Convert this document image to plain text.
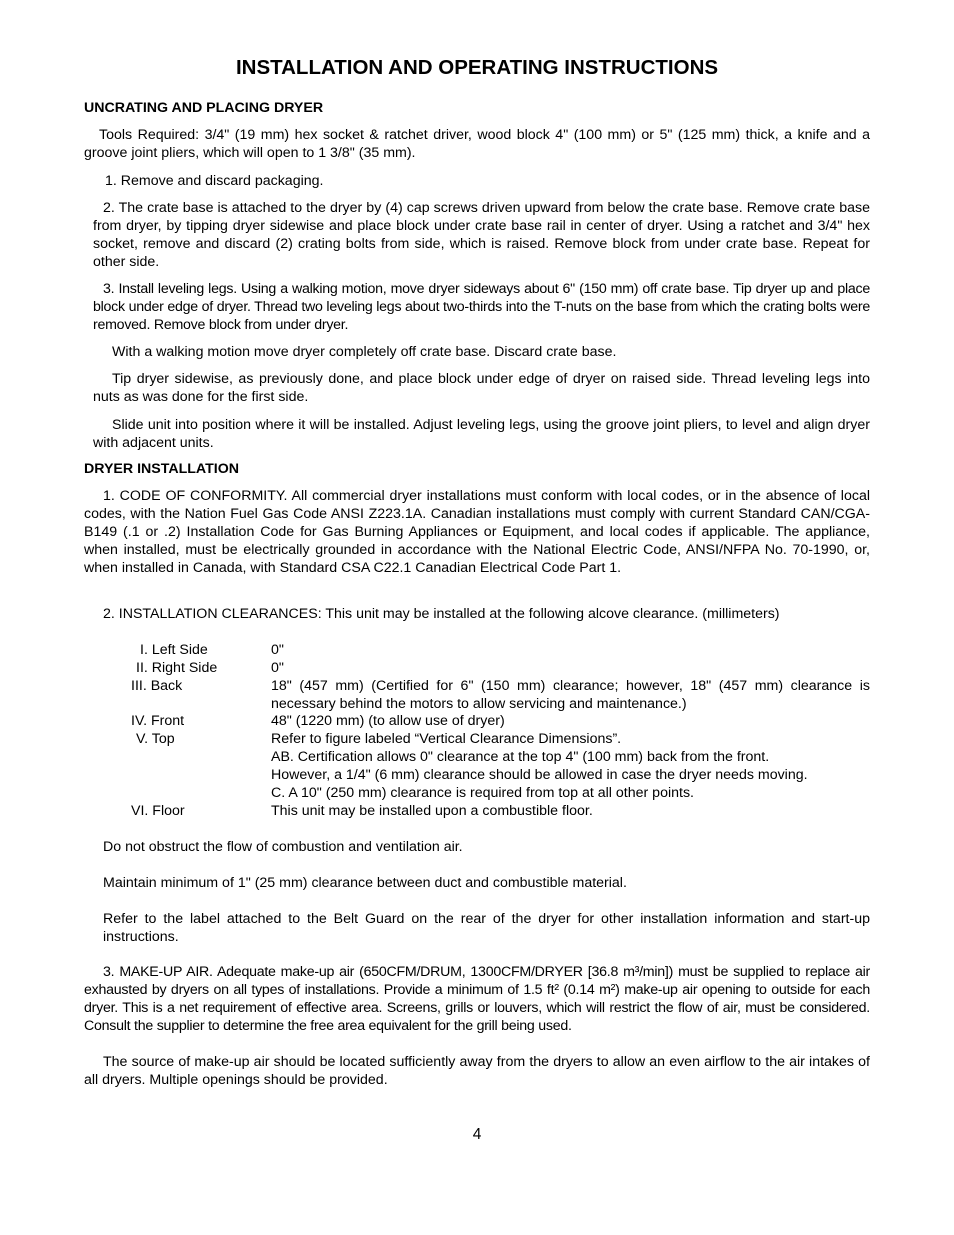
INSTALLATION AND OPERATING INSTRUCTIONS
UNCRATING AND PLACING DRYER
Tools Required: 3/4" (19 mm) hex socket & ratchet driver, wood block 4" (100 mm) or 5" (125 mm) thick, a knife and a groove joint pliers, which will open to 1 3/8" (35 mm).
1. Remove and discard packaging.
2. The crate base is attached to the dryer by (4) cap screws driven upward from below the crate base. Remove crate base from dryer, by tipping dryer sidewise and place block under crate base rail in center of dryer. Using a ratchet and 3/4" hex socket, remove and discard (2) crating bolts from side, which is raised. Remove block from under crate base. Repeat for other side.
3. Install leveling legs. Using a walking motion, move dryer sideways about 6" (150 mm) off crate base. Tip dryer up and place block under edge of dryer. Thread two leveling legs about two-thirds into the T-nuts on the base from which the crating bolts were removed. Remove block from under dryer.
With a walking motion move dryer completely off crate base. Discard crate base.
Tip dryer sidewise, as previously done, and place block under edge of dryer on raised side. Thread leveling legs into nuts as was done for the first side.
Slide unit into position where it will be installed. Adjust leveling legs, using the groove joint pliers, to level and align dryer with adjacent units.
DRYER INSTALLATION
1. CODE OF CONFORMITY. All commercial dryer installations must conform with local codes, or in the absence of local codes, with the Nation Fuel Gas Code ANSI Z223.1A. Canadian installations must comply with current Standard CAN/CGA-B149 (.1 or .2) Installation Code for Gas Burning Appliances or Equipment, and local codes if applicable. The appliance, when installed, must be electrically grounded in accordance with the National Electric Code, ANSI/NFPA No. 70-1990, or, when installed in Canada, with Standard CSA C22.1 Canadian Electrical Code Part 1.
2. INSTALLATION CLEARANCES: This unit may be installed at the following alcove clearance. (millimeters)
I. Left Side	0"
II. Right Side	0"
III. Back	18" (457 mm) (Certified for 6" (150 mm) clearance; however, 18" (457 mm) clearance is necessary behind the motors to allow servicing and maintenance.)
IV. Front	48" (1220 mm) (to allow use of dryer)
V. Top	Refer to figure labeled “Vertical Clearance Dimensions”.
AB. Certification allows 0" clearance at the top 4" (100 mm) back from the front.
However, a 1/4" (6 mm) clearance should be allowed in case the dryer needs moving.
C. A 10" (250 mm) clearance is required from top at all other points.
VI. Floor	This unit may be installed upon a combustible floor.
Do not obstruct the flow of combustion and ventilation air.
Maintain minimum of 1" (25 mm) clearance between duct and combustible material.
Refer to the label attached to the Belt Guard on the rear of the dryer for other installation information and start-up instructions.
3. MAKE-UP AIR. Adequate make-up air (650CFM/DRUM, 1300CFM/DRYER [36.8 m³/min]) must be supplied to replace air exhausted by dryers on all types of installations. Provide a minimum of 1.5 ft² (0.14 m²) make-up air opening to outside for each dryer. This is a net requirement of effective area. Screens, grills or louvers, which will restrict the flow of air, must be considered. Consult the supplier to determine the free area equivalent for the grill being used.
The source of make-up air should be located sufficiently away from the dryers to allow an even airflow to the air intakes of all dryers. Multiple openings should be provided.
4
